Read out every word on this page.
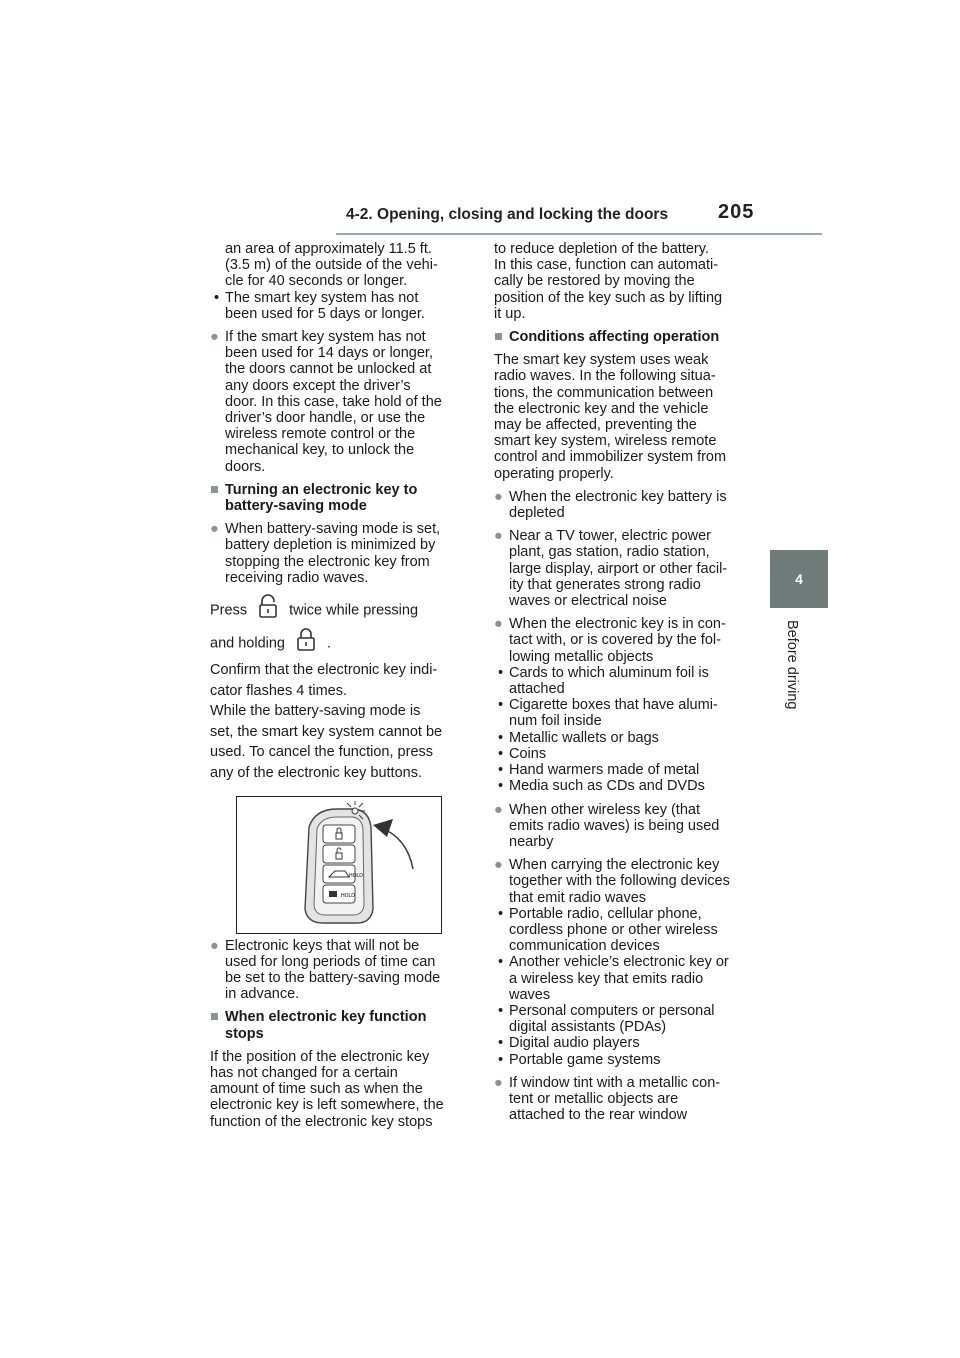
4-2. Opening, closing and locking the doors 205
4
Before driving
an area of approximately 11.5 ft.
(3.5 m) of the outside of the vehi-
cle for 40 seconds or longer.
• The smart key system has not
been used for 5 days or longer.
● If the smart key system has not
been used for 14 days or longer,
the doors cannot be unlocked at
any doors except the driver’s
door. In this case, take hold of the
driver’s door handle, or use the
wireless remote control or the
mechanical key, to unlock the
doors.
■ Turning an electronic key to
battery-saving mode
● When battery-saving mode is set,
battery depletion is minimized by
stopping the electronic key from
receiving radio waves.
Press	twice while pressing
and holding	.
Confirm that the electronic key indi-
cator flashes 4 times.
While the battery-saving mode is
set, the smart key system cannot be
used. To cancel the function, press
any of the electronic key buttons.
HOLD
HOLD
● Electronic keys that will not be
used for long periods of time can
be set to the battery-saving mode
in advance.
■ When electronic key function
stops
If the position of the electronic key
has not changed for a certain
amount of time such as when the
electronic key is left somewhere, the
function of the electronic key stops
to reduce depletion of the battery.
In this case, function can automati-
cally be restored by moving the
position of the key such as by lifting
it up.
■ Conditions affecting operation
The smart key system uses weak
radio waves. In the following situa-
tions, the communication between
the electronic key and the vehicle
may be affected, preventing the
smart key system, wireless remote
control and immobilizer system from
operating properly.
● When the electronic key battery is
depleted
● Near a TV tower, electric power
plant, gas station, radio station,
large display, airport or other facil-
ity that generates strong radio
waves or electrical noise
● When the electronic key is in con-
tact with, or is covered by the fol-
lowing metallic objects
• Cards to which aluminum foil is
attached
• Cigarette boxes that have alumi-
num foil inside
• Metallic wallets or bags
• Coins
• Hand warmers made of metal
• Media such as CDs and DVDs
● When other wireless key (that
emits radio waves) is being used
nearby
● When carrying the electronic key
together with the following devices
that emit radio waves
• Portable radio, cellular phone,
cordless phone or other wireless
communication devices
• Another vehicle’s electronic key or
a wireless key that emits radio
waves
• Personal computers or personal
digital assistants (PDAs)
• Digital audio players
• Portable game systems
● If window tint with a metallic con-
tent or metallic objects are
attached to the rear window
